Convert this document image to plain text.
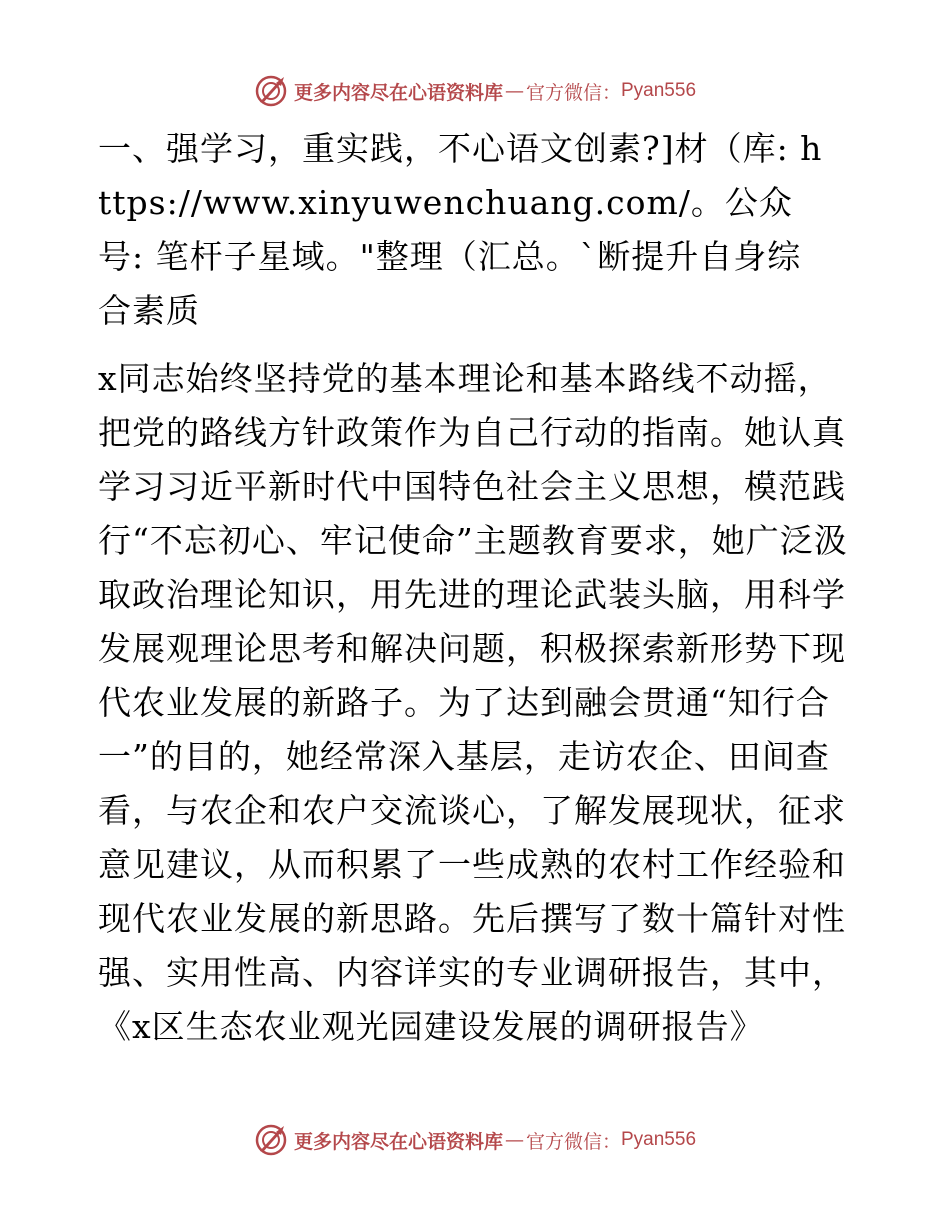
更多内容尽在心语资料库 — 官方微信： Pyan556

一、强学习，重实践，不心语文创素?]材（库: https://www.xinyuwenchuang.com/。公众号: 笔杆子星域。"整理（汇总。`断提升自身综合素质

x同志始终坚持党的基本理论和基本路线不动摇，把党的路线方针政策作为自己行动的指南。她认真学习习近平新时代中国特色社会主义思想，模范践行“不忘初心、牢记使命”主题教育要求，她广泛汲取政治理论知识，用先进的理论武装头脑，用科学发展观理论思考和解决问题，积极探索新形势下现代农业发展的新路子。为了达到融会贯通“知行合一”的目的，她经常深入基层，走访农企、田间查看，与农企和农户交流谈心，了解发展现状，征求意见建议，从而积累了一些成熟的农村工作经验和现代农业发展的新思路。先后撰写了数十篇针对性强、实用性高、内容详实的专业调研报告，其中，《x区生态农业观光园建设发展的调研报告》

更多内容尽在心语资料库 — 官方微信： Pyan556
